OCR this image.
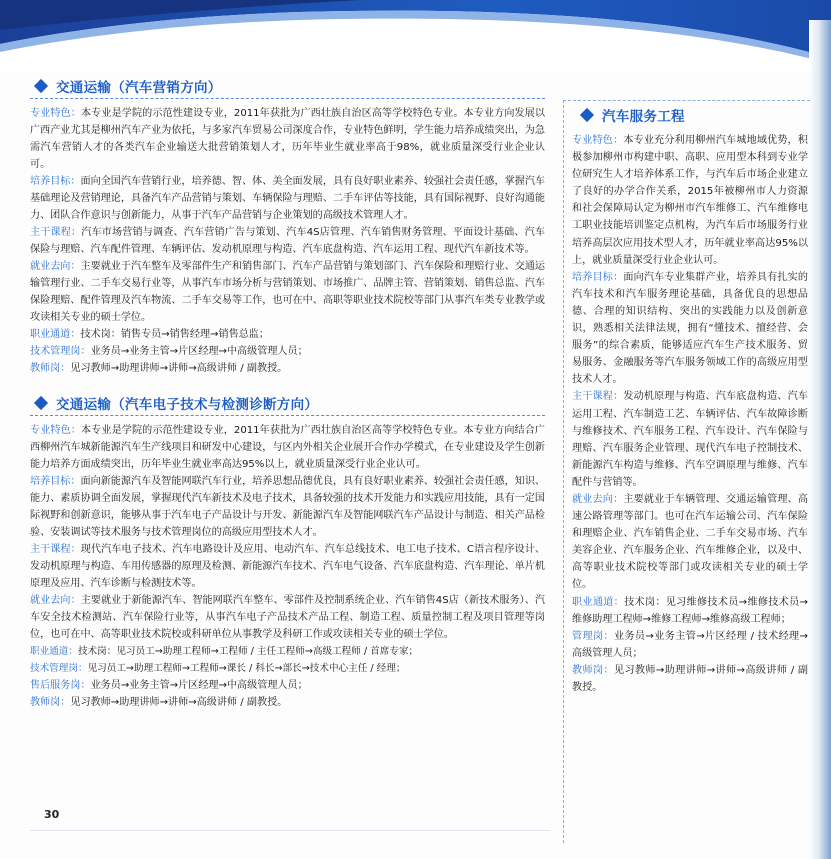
交通运输（汽车营销方向）

专业特色：本专业是学院的示范性建设专业，2011年获批为广西壮族自治区高等学校特色专业。本专业方向发展以广西产业尤其是柳州汽车产业为依托，与多家汽车贸易公司深度合作，专业特色鲜明，学生能力培养成绩突出，为急需汽车营销人才的各类汽车企业输送大批营销策划人才，历年毕业生就业率高于98%，就业质量深受行业企业认可。

培养目标：面向全国汽车营销行业，培养德、智、体、美全面发展，具有良好职业素养、较强社会责任感，掌握汽车基础理论及营销理论，具备汽车产品营销与策划、车辆保险与理赔、二手车评估等技能，具有国际视野、良好沟通能力、团队合作意识与创新能力，从事于汽车产品营销与企业策划的高级技术管理人才。

主干课程：汽车市场营销与调查、汽车营销广告与策划、汽车4S店管理、汽车销售财务管理、平面设计基础、汽车保险与理赔、汽车配件管理、车辆评估、发动机原理与构造、汽车底盘构造、汽车运用工程、现代汽车新技术等。

就业去向：主要就业于汽车整车及零部件生产和销售部门、汽车产品营销与策划部门、汽车保险和理赔行业、交通运输管理行业、二手车交易行业等，从事汽车市场分析与营销策划、市场推广、品牌主管、营销策划、销售总监、汽车保险理赔、配件管理及汽车物流、二手车交易等工作，也可在中、高职等职业技术院校等部门从事汽车类专业教学或攻读相关专业的硕士学位。

职业通道：技术岗：销售专员→销售经理→销售总监；

技术管理岗：业务员→业务主管→片区经理→中高级管理人员；

教师岗：见习教师→助理讲师→讲师→高级讲师 / 副教授。

交通运输（汽车电子技术与检测诊断方向）

专业特色：本专业是学院的示范性建设专业，2011年获批为广西壮族自治区高等学校特色专业。本专业方向结合广西柳州汽车城新能源汽车生产线项目和研发中心建设，与区内外相关企业展开合作办学模式，在专业建设及学生创新能力培养方面成绩突出，历年毕业生就业率高达95%以上，就业质量深受行业企业认可。

培养目标：面向新能源汽车及智能网联汽车行业，培养思想品德优良，具有良好职业素养、较强社会责任感，知识、能力、素质协调全面发展，掌握现代汽车新技术及电子技术，具备较强的技术开发能力和实践应用技能，具有一定国际视野和创新意识，能够从事于汽车电子产品设计与开发、新能源汽车及智能网联汽车产品设计与制造、相关产品检验、安装调试等技术服务与技术管理岗位的高级应用型技术人才。

主干课程：现代汽车电子技术、汽车电路设计及应用、电动汽车、汽车总线技术、电工电子技术、C语言程序设计、发动机原理与构造、车用传感器的原理及检测、新能源汽车技术、汽车电气设备、汽车底盘构造、汽车理论、单片机原理及应用、汽车诊断与检测技术等。

就业去向：主要就业于新能源汽车、智能网联汽车整车、零部件及控制系统企业、汽车销售4S店（新技术服务）、汽车安全技术检测站、汽车保险行业等，从事汽车电子产品技术产品工程、制造工程、质量控制工程及项目管理等岗位，也可在中、高等职业技术院校或科研单位从事教学及科研工作或攻读相关专业的硕士学位。

职业通道：技术岗：见习员工→助理工程师→工程师 / 主任工程师→高级工程师 / 首席专家；

技术管理岗：见习员工→助理工程师→工程师→课长 / 科长→部长→技术中心主任 / 经理；

售后服务岗：业务员→业务主管→片区经理→中高级管理人员；

教师岗：见习教师→助理讲师→讲师→高级讲师 / 副教授。

汽车服务工程

专业特色：本专业充分利用柳州汽车城地域优势，积极参加柳州市构建中职、高职、应用型本科到专业学位研究生人才培养体系工作，与汽车后市场企业建立了良好的办学合作关系，2015年被柳州市人力资源和社会保障局认定为柳州市汽车维修工、汽车维修电工职业技能培训鉴定点机构，为汽车后市场服务行业培养高层次应用技术型人才，历年就业率高达95%以上，就业质量深受行业企业认可。

培养目标：面向汽车专业集群产业，培养具有扎实的汽车技术和汽车服务理论基础，具备优良的思想品德、合理的知识结构、突出的实践能力以及创新意识，熟悉相关法律法规，拥有“懂技术、擅经营、会服务”的综合素质，能够适应汽车生产技术服务、贸易服务、金融服务等汽车服务领域工作的高级应用型技术人才。

主干课程：发动机原理与构造、汽车底盘构造、汽车运用工程、汽车制造工艺、车辆评估、汽车故障诊断与维修技术、汽车服务工程、汽车设计、汽车保险与理赔、汽车服务企业管理、现代汽车电子控制技术、新能源汽车构造与维修、汽车空调原理与维修、汽车配件与营销等。

就业去向：主要就业于车辆管理、交通运输管理、高速公路管理等部门。也可在汽车运输公司、汽车保险和理赔企业、汽车销售企业、二手车交易市场、汽车美容企业、汽车服务企业、汽车维修企业，以及中、高等职业技术院校等部门或攻读相关专业的硕士学位。

职业通道：技术岗：见习维修技术员→维修技术员→维修助理工程师→维修工程师→维修高级工程师；

管理岗：业务员→业务主管→片区经理 / 技术经理→高级管理人员；

教师岗：见习教师→助理讲师→讲师→高级讲师 / 副教授。

30
